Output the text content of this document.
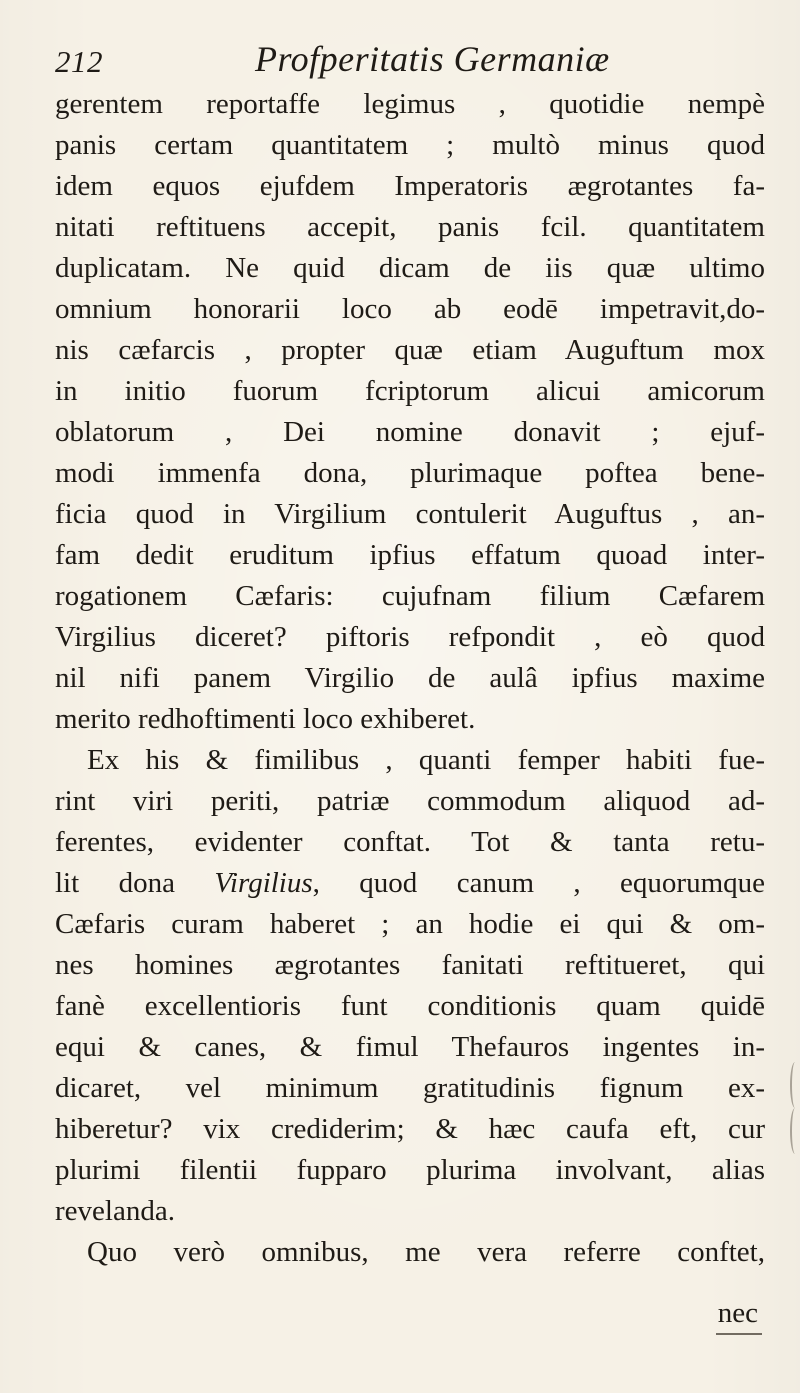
212	Profperitatis Germaniæ
gerentem reportaffe legimus , quotidie nempè
panis certam quantitatem ; multò minus quod
idem equos ejufdem Imperatoris ægrotantes fa-
nitati reftituens accepit, panis fcil. quantitatem
duplicatam. Ne quid dicam de iis quæ ultimo
omnium honorarii loco ab eodē impetravit,do-
nis cæfarcis , propter quæ etiam Auguftum mox
in initio fuorum fcriptorum alicui amicorum
oblatorum , Dei nomine donavit ; ejuf-
modi immenfa dona, plurimaque poftea bene-
ficia quod in Virgilium contulerit Auguftus , an-
fam dedit eruditum ipfius effatum quoad inter-
rogationem Cæfaris: cujufnam filium Cæfarem
Virgilius diceret? piftoris refpondit , eò quod
nil nifi panem Virgilio de aulâ ipfius maxime
merito redhoftimenti loco exhiberet.
Ex his & fimilibus , quanti femper habiti fue-
rint viri periti, patriæ commodum aliquod ad-
ferentes, evidenter conftat. Tot & tanta retu-
lit dona Virgilius, quod canum , equorumque
Cæfaris curam haberet ; an hodie ei qui & om-
nes homines ægrotantes fanitati reftitueret, qui
fanè excellentioris funt conditionis quam quidē
equi & canes, & fimul Thefauros ingentes in-
dicaret, vel minimum gratitudinis fignum ex-
hiberetur? vix crediderim; & hæc caufa eft, cur
plurimi filentii fupparo plurima involvant, alias
revelanda.
Quo verò omnibus, me vera referre conftet,
nec
